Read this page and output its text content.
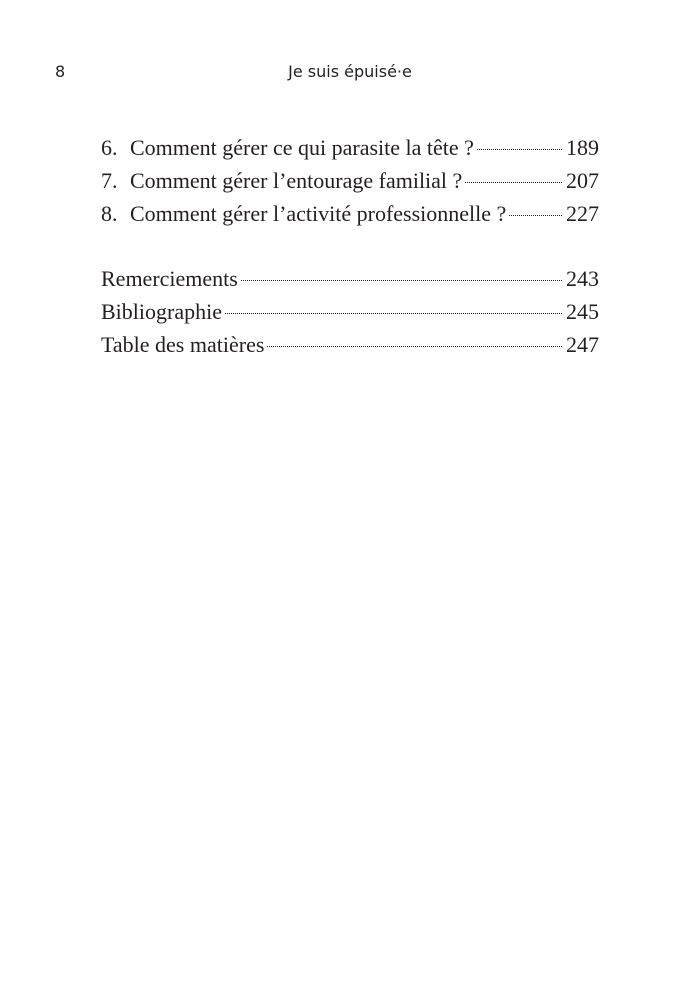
8	Je suis épuisé·e
6. Comment gérer ce qui parasite la tête ?	189
7. Comment gérer l’entourage familial ?	207
8. Comment gérer l’activité professionnelle ?	227
Remerciements	243
Bibliographie	245
Table des matières	247
